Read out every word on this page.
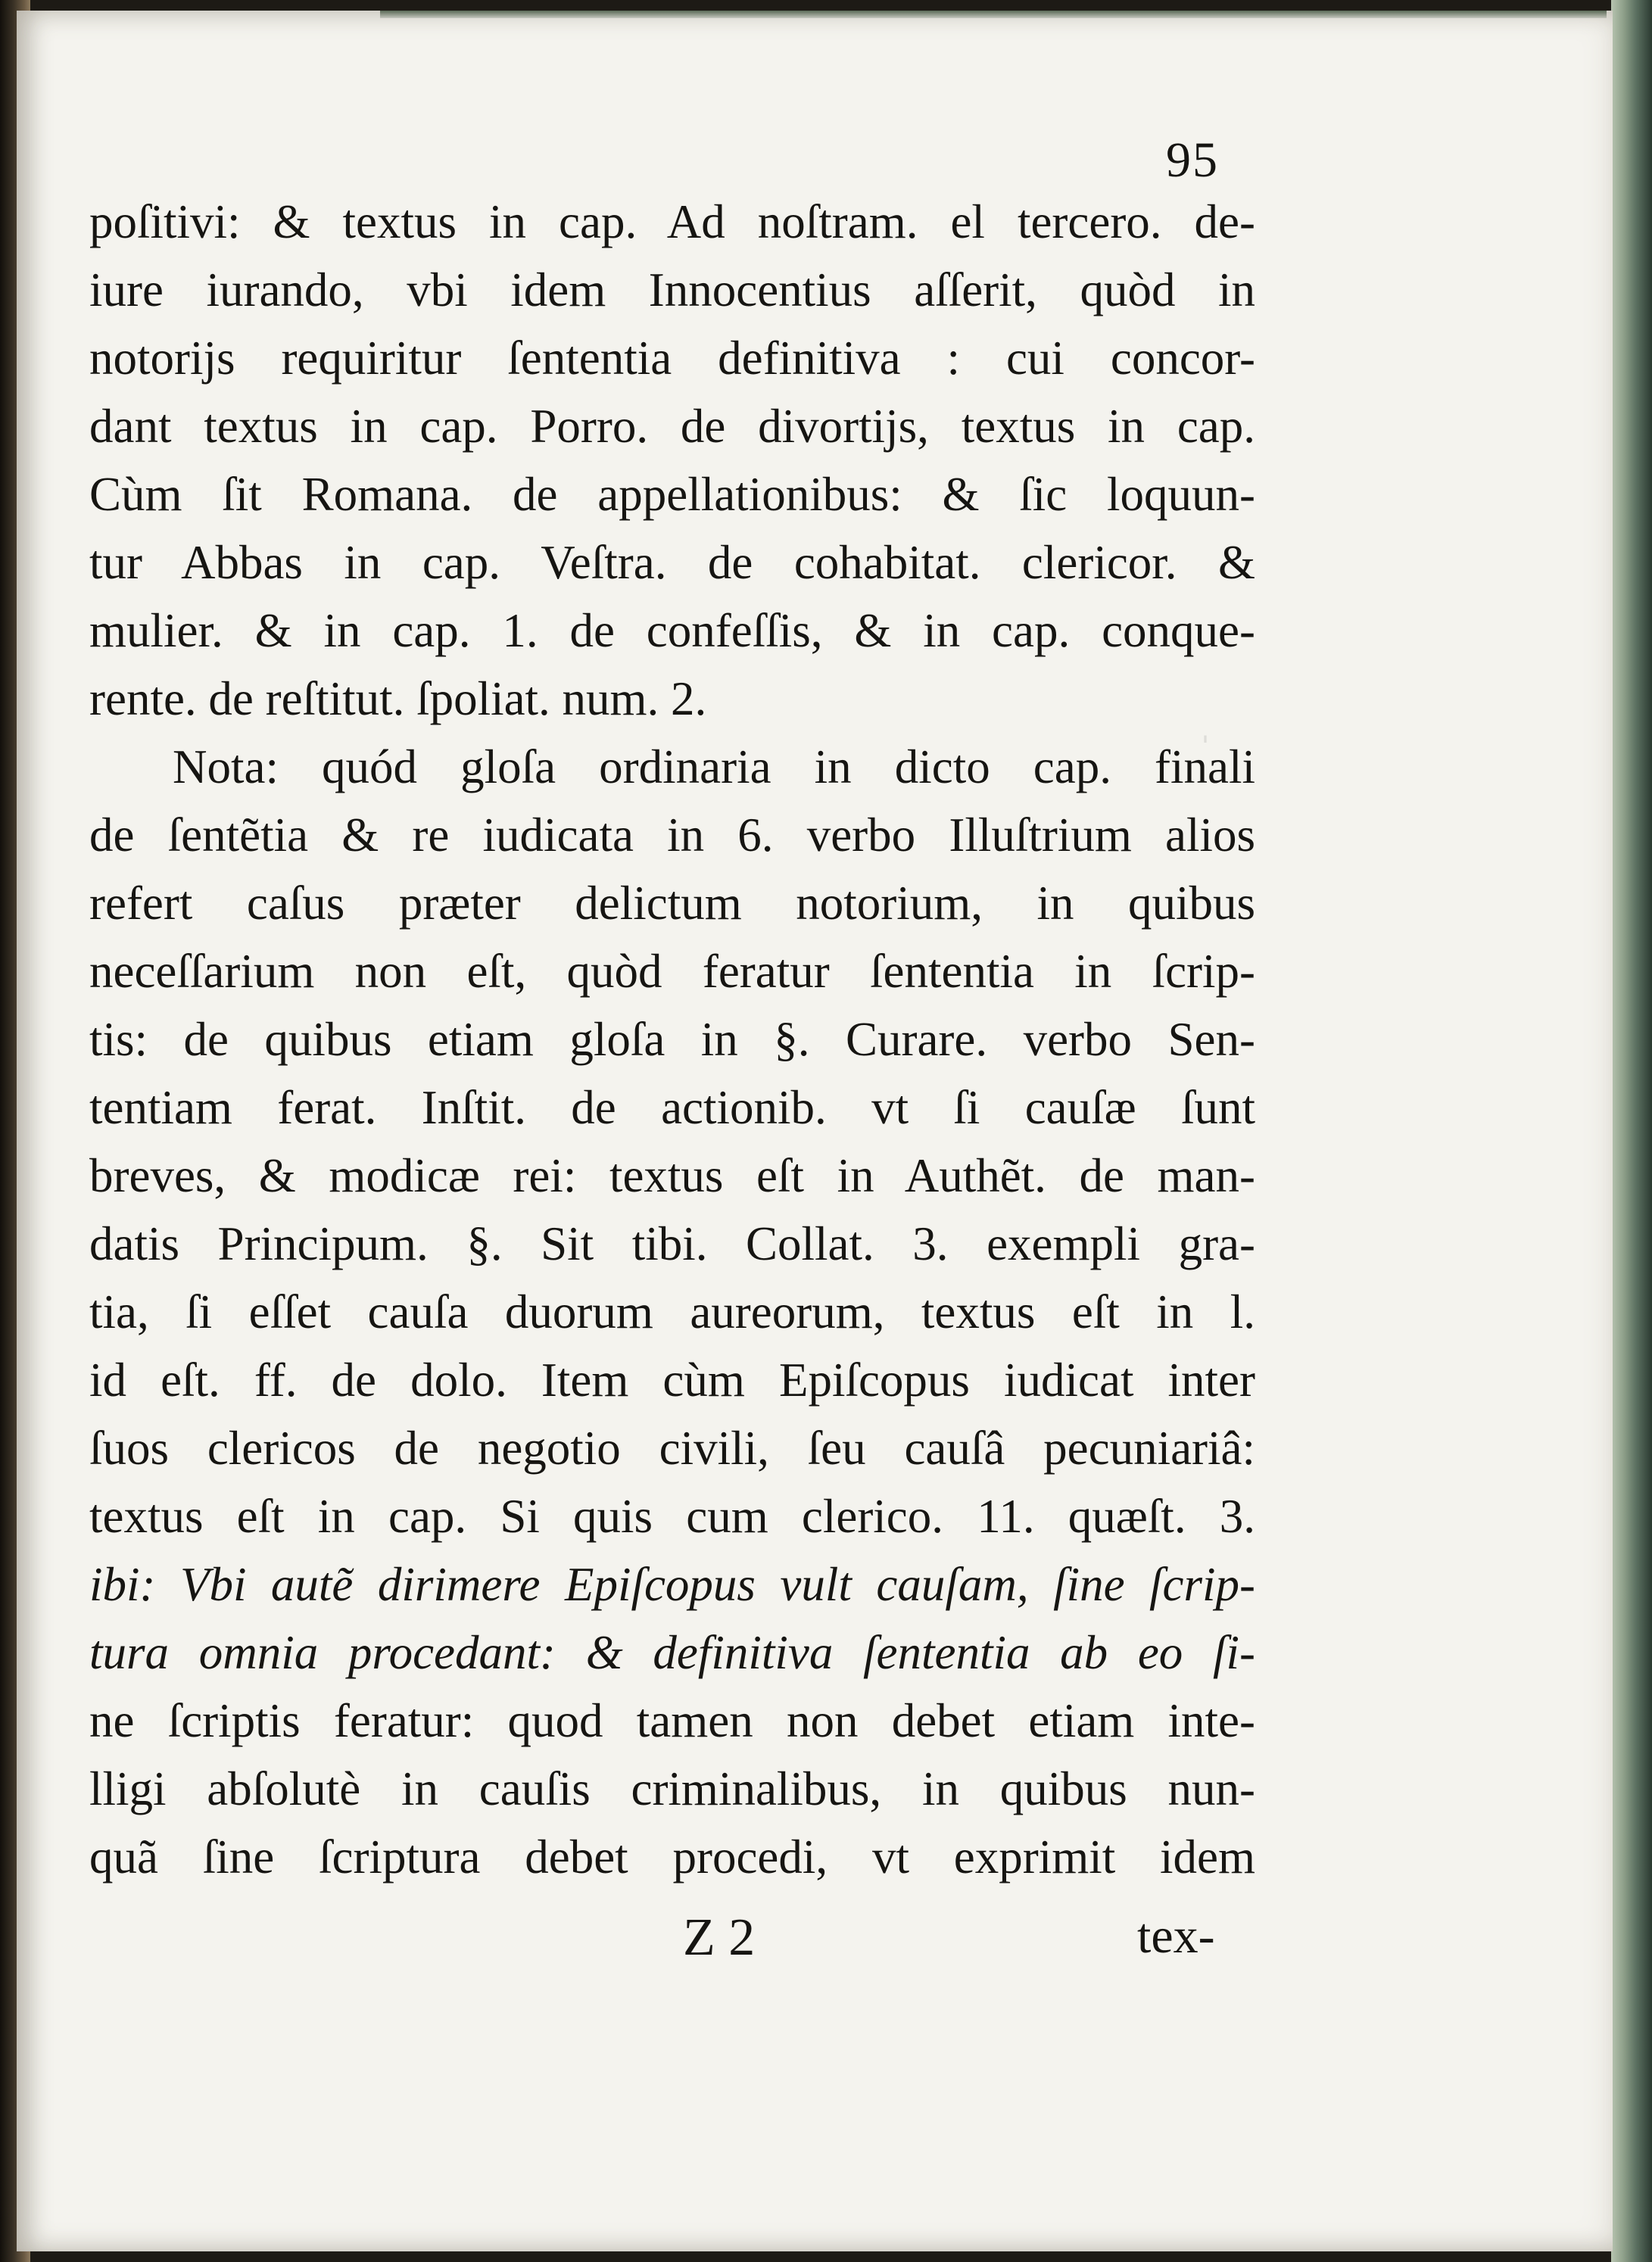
ˌ
95
poſitivi: & textus in cap. Ad noſtram. el tercero. de-
iure iurando, vbi idem Innocentius aſſerit, quòd in
notorijs requiritur ſententia definitiva : cui concor-
dant textus in cap. Porro. de divortijs, textus in cap.
Cùm ſit Romana. de appellationibus: & ſic loquun-
tur Abbas in cap. Veſtra. de cohabitat. clericor. &
mulier. & in cap. 1. de confeſſis, & in cap. conque-
rente. de reſtitut. ſpoliat. num. 2.
Nota: quód gloſa ordinaria in dicto cap. finali
de ſentẽtia & re iudicata in 6. verbo Illuſtrium alios
refert caſus præter delictum notorium, in quibus
neceſſarium non eſt, quòd feratur ſententia in ſcrip-
tis: de quibus etiam gloſa in §. Curare. verbo Sen-
tentiam ferat. Inſtit. de actionib. vt ſi cauſæ ſunt
breves, & modicæ rei: textus eſt in Authẽt. de man-
datis Principum. §. Sit tibi. Collat. 3. exempli gra-
tia, ſi eſſet cauſa duorum aureorum, textus eſt in l.
id eſt. ff. de dolo. Item cùm Epiſcopus iudicat inter
ſuos clericos de negotio civili, ſeu cauſâ pecuniariâ:
textus eſt in cap. Si quis cum clerico. 11. quæſt. 3.
ibi: Vbi autẽ dirimere Epiſcopus vult cauſam, ſine ſcrip-
tura omnia procedant: & definitiva ſententia ab eo ſi-
ne ſcriptis feratur: quod tamen non debet etiam inte-
lligi abſolutè in cauſis criminalibus, in quibus nun-
quã ſine ſcriptura debet procedi, vt exprimit idem
Z 2	tex-
